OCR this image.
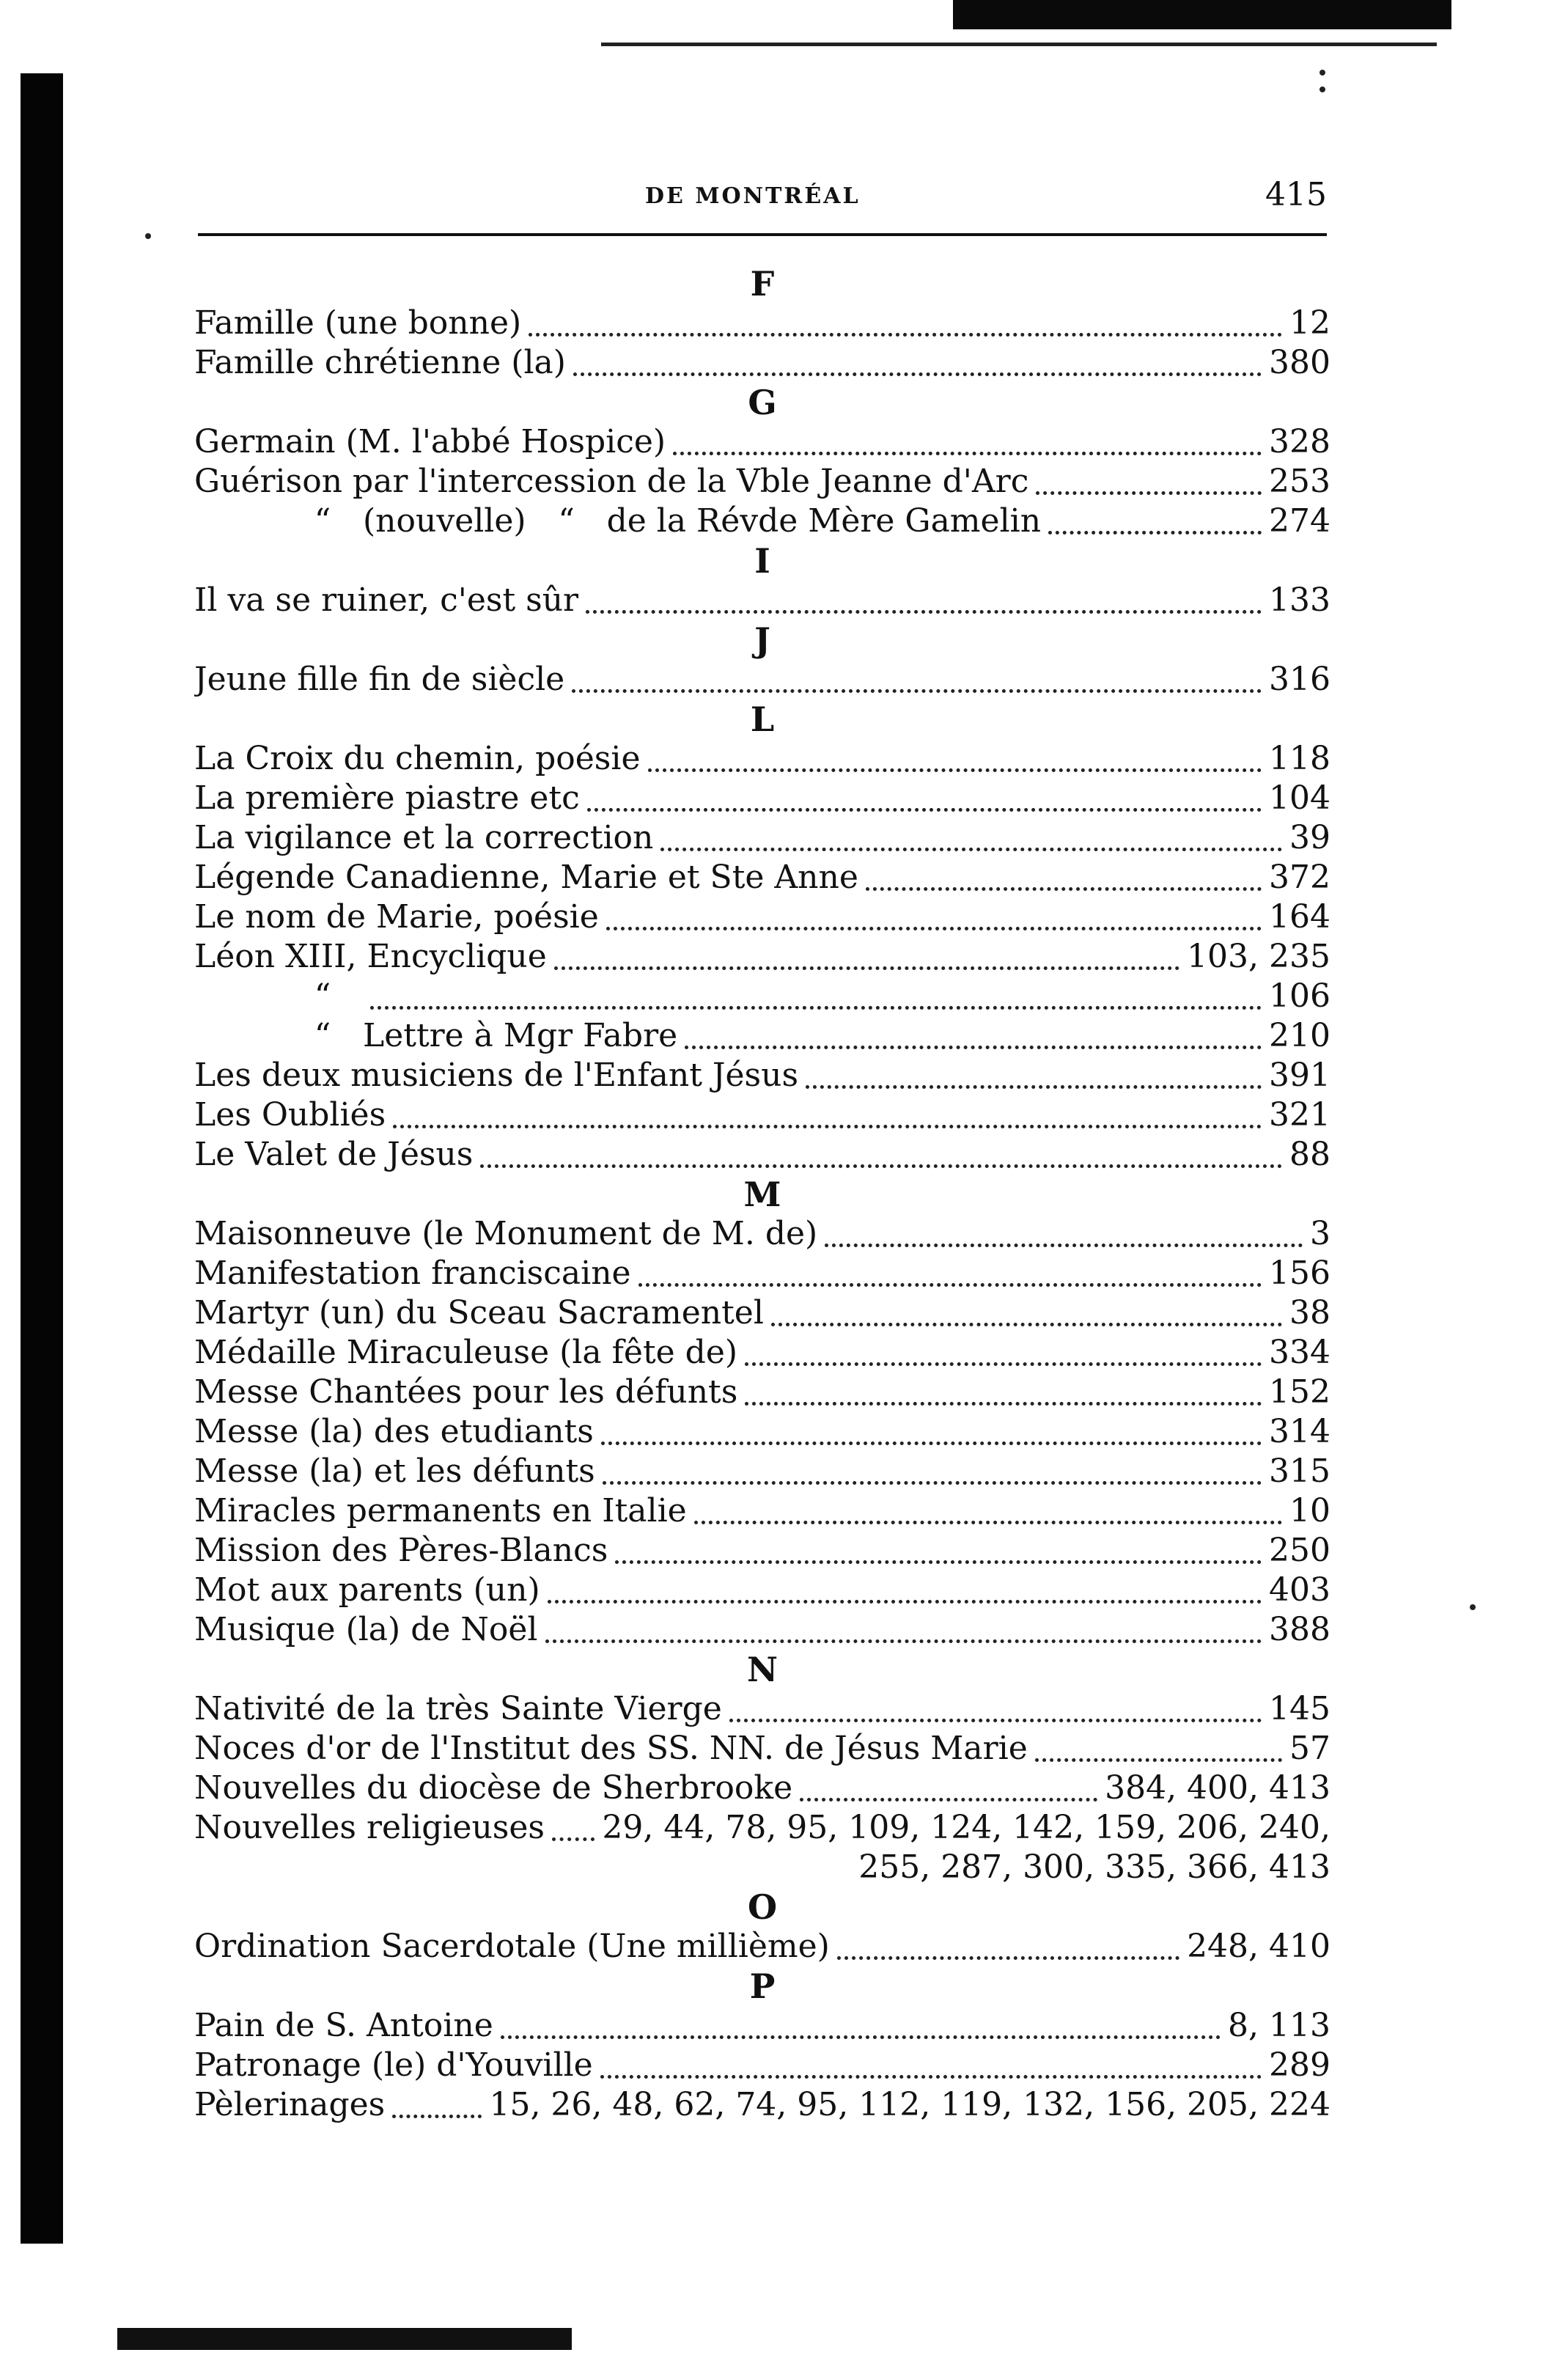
DE MONTRÉAL	415
F
Famille (une bonne)	12
Famille chrétienne (la)	380
G
Germain (M. l'abbé Hospice)	328
Guérison par l'intercession de la Vble Jeanne d'Arc	253
“ (nouvelle) “ de la Révde Mère Gamelin	274
I
Il va se ruiner, c'est sûr	133
J
Jeune fille fin de siècle	316
L
La Croix du chemin, poésie	118
La première piastre etc	104
La vigilance et la correction	39
Légende Canadienne, Marie et Ste Anne	372
Le nom de Marie, poésie	164
Léon XIII, Encyclique	103, 235
“	106
“ Lettre à Mgr Fabre	210
Les deux musiciens de l'Enfant Jésus	391
Les Oubliés	321
Le Valet de Jésus	88
M
Maisonneuve (le Monument de M. de)	3
Manifestation franciscaine	156
Martyr (un) du Sceau Sacramentel	38
Médaille Miraculeuse (la fête de)	334
Messe Chantées pour les défunts	152
Messe (la) des etudiants	314
Messe (la) et les défunts	315
Miracles permanents en Italie	10
Mission des Pères-Blancs	250
Mot aux parents (un)	403
Musique (la) de Noël	388
N
Nativité de la très Sainte Vierge	145
Noces d'or de l'Institut des SS. NN. de Jésus Marie	57
Nouvelles du diocèse de Sherbrooke	384, 400, 413
Nouvelles religieuses 29, 44, 78, 95, 109, 124, 142, 159, 206, 240,
255, 287, 300, 335, 366, 413
O
Ordination Sacerdotale (Une millième)	248, 410
P
Pain de S. Antoine	8, 113
Patronage (le) d'Youville	289
Pèlerinages	15, 26, 48, 62, 74, 95, 112, 119, 132, 156, 205, 224
